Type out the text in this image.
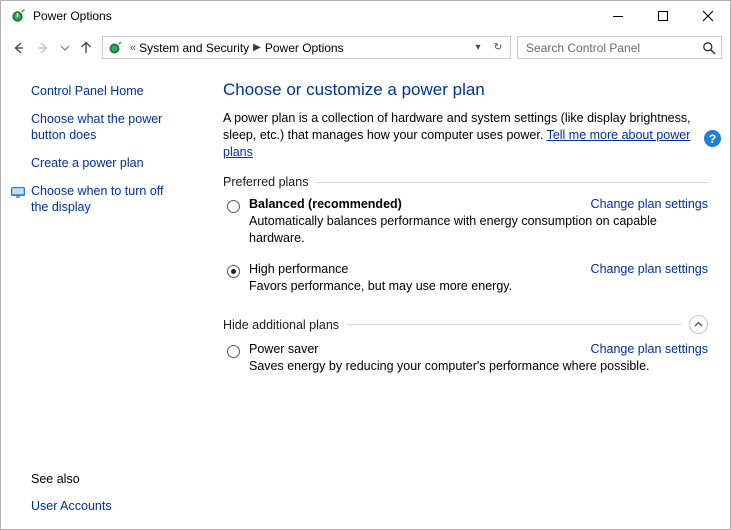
Power Options
« System and Security ▶ Power Options	▾	↻
Search Control Panel
Control Panel Home
Choose what the power button does
Create a power plan
Choose when to turn off the display
See also
User Accounts
?
Choose or customize a power plan

A power plan is a collection of hardware and system settings (like display brightness, sleep, etc.) that manages how your computer uses power. Tell me more about power plans

Preferred plans
Balanced (recommended)	Change plan settings
Automatically balances performance with energy consumption on capable hardware.
High performance	Change plan settings
Favors performance, but may use more energy.
Hide additional plans
Power saver	Change plan settings
Saves energy by reducing your computer's performance where possible.
